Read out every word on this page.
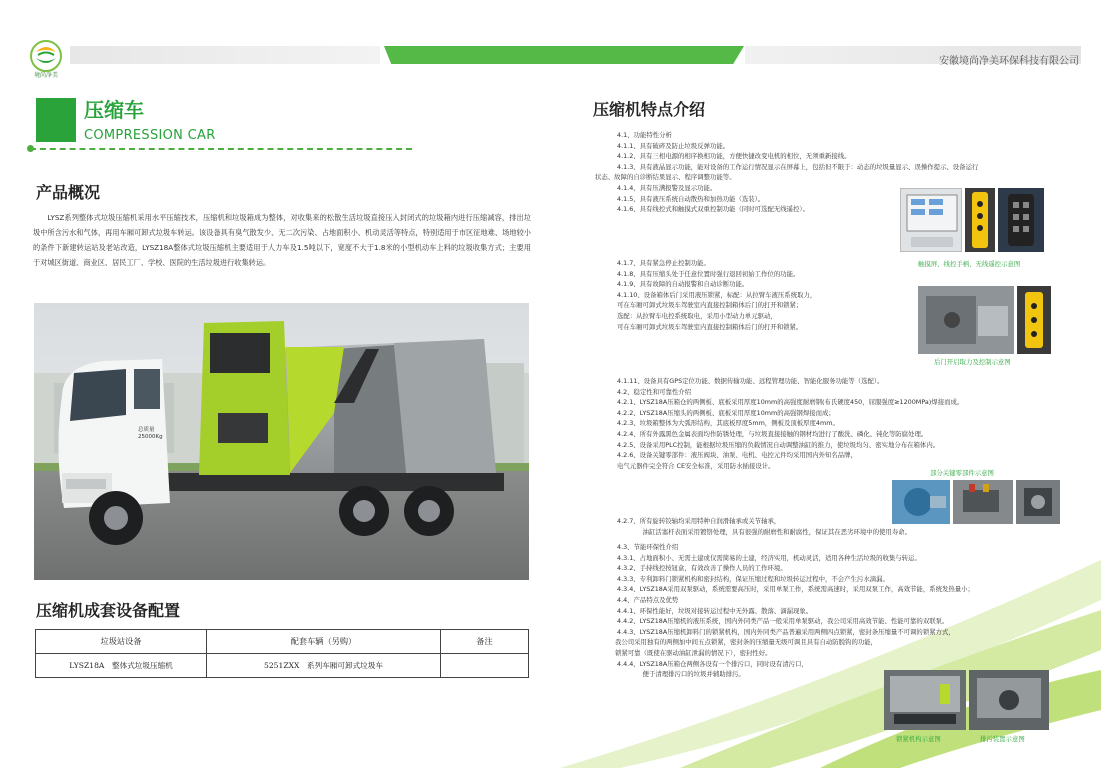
境尚净美
安徽境尚净美环保科技有限公司
压缩车
COMPRESSION CAR
产品概况
LYSZ系列整体式垃圾压缩机采用水平压缩技术，压缩机和垃圾箱成为整体，对收集来的松散生活垃圾直接压入封闭式的垃圾箱内进行压缩减容，排出垃圾中所含污水和气体，再用车厢可卸式垃圾车转运。该设备具有臭气散发少、无二次污染、占地面积小、机动灵活等特点，特别适用于市区征地难、场地较小的条件下新建转运站及老站改造，LYSZ18A整体式垃圾压缩机主要适用于人力车及1.5吨以下，宽度不大于1.8米的小型机动车上料的垃圾收集方式；主要用于对城区街道、商业区、居民工厂、学校、医院的生活垃圾进行收集转运。
总质量
25000Kg
压缩机成套设备配置
垃圾站设备	配套车辆（另购）	备注
LYSZ18A　整体式垃圾压缩机	5251ZXX　系列车厢可卸式垃圾车	
压缩机特点介绍
4.1、功能特性分析
4.1.1、具有破碎及防止垃圾反弹功能。
4.1.2、具有三相电源的相序换相功能，方便快捷改变电机的相位，无须重新接线。
4.1.3、具有液晶显示功能，能对设备的工作运行情况显示在屏幕上，包括但不限于：动态的垃圾量显示、误操作提示、设备运行
状态、故障的自诊断结果显示、程序调整功能等。
4.1.4、具有压满报警及显示功能。
4.1.5、具有液压系统自动散热和加热功能（选装）。
4.1.6、具有线控式和触摸式双重控制功能（同时可选配无线遥控）。
触摸屏、线控手柄、无线遥控示意图
4.1.7、具有紧急停止控制功能。
4.1.8、具有压缩头处于任意位置时强行退回初始工作位的功能。
4.1.9、具有故障的自动报警和自动诊断功能。
4.1.10、设备箱体后门采用液压锁紧，标配：从拉臂车液压系统取力，
可在车厢可卸式垃圾车驾驶室内直接控制箱体后门的打开和锁紧；
选配：从拉臂车电控系统取电，采用小型动力单元驱动，
可在车厢可卸式垃圾车驾驶室内直接控制箱体后门的打开和锁紧。
后门开启取力及控制示意图
4.1.11、设备具有GPS定位功能、数据传输功能、远程管理功能、智能化服务功能等（选配）。
4.2、稳定性和可靠性介绍
4.2.1、LYSZ18A压箱仓的两侧板、底板采用厚度10mm的高强度耐磨钢(布氏硬度450，屈服强度≥1200MPa)焊接而成。
4.2.2、LYSZ18A压缩头的两侧板、底板采用厚度10mm的高强钢焊接而成；
4.2.3、垃圾箱整体为大弧形结构，其底板厚度5mm，侧板及顶板厚度4mm。
4.2.4、所有外露黑色金属表面均作防锈处理，与垃圾直接接触的钢材均进行了酸洗、磷化、钝化等防腐处理。
4.2.5、设备采用PLC控制，能根据垃圾压缩的负载情况自动调整油缸的推力，使垃圾均匀、密实地分布在箱体内。
4.2.6、设备关键零部件：液压阀块、油泵、电机、电控元件均采用国内外知名品牌，
电气元器件完全符合 CE安全标准，采用防水插接设计。
部分关键零部件示意图
4.2.7、所有旋转铰轴均采用特种自润滑轴承或关节轴承，
　　　　油缸活塞杆表面采用镀铬处理，具有很强的耐磨性和耐腐性，保证其在恶劣环境中的使用寿命。
4.3、节能环保性介绍
4.3.1、占地面积小、无需土建或仅需简易的土建，经济实用，机动灵活，适用各种生活垃圾的收集与转运。
4.3.2、手持线控按钮盒，有效改善了操作人员的工作环境。
4.3.3、专利卸料门锁紧机构和密封结构，保证压缩过程和垃圾转运过程中，不会产生污水滴漏。
4.3.4、LYSZ18A采用双泵驱动，系统需要高压时，采用单泵工作，系统需高速时，采用双泵工作，高效节能，系统发热量小；
4.4、产品特点及优势
4.4.1、环保性能好，垃圾对接转运过程中无外露、散落、滴漏现象。
4.4.2、LYSZ18A压缩机的液压系统，国内外同类产品一般采用单泵驱动，我公司采用高效节能、性能可靠的双联泵。
4.4.3、LYSZ18A压缩机卸料门的锁紧机构，国内外同类产品普遍采用两侧四点锁紧，密封条压缩量不可调的锁紧方式，
我公司采用独有的两侧加中间五点锁紧，密封条的压缩量无级可调且具有自动防脱钩的功能，
锁紧可靠（既使在驱动油缸泄漏的情况下），密封性好。
4.4.4、LYSZ18A压箱仓两侧各设有一个排污口，同时设有清污口，
　　　　便于清理排污口的垃圾并辅助排污。
锁紧机构示意图	排污装置示意图
